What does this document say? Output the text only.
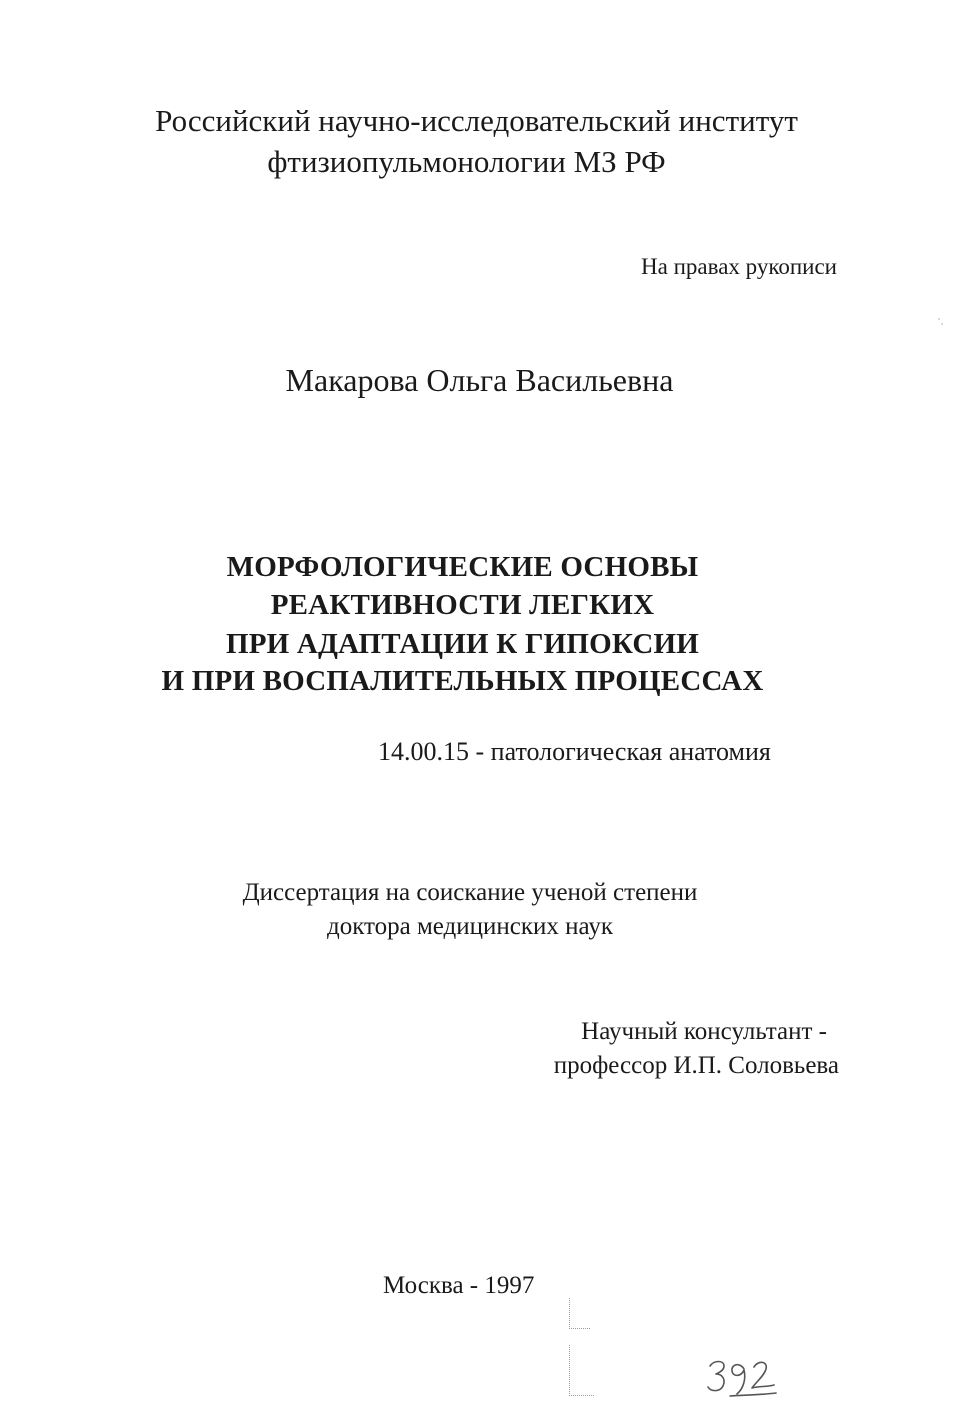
Российский научно-исследовательский институт

фтизиопульмонологии МЗ РФ

На правах рукописи

Макарова Ольга Васильевна

МОРФОЛОГИЧЕСКИЕ ОСНОВЫ

РЕАКТИВНОСТИ ЛЕГКИХ

ПРИ АДАПТАЦИИ К ГИПОКСИИ

И ПРИ ВОСПАЛИТЕЛЬНЫХ ПРОЦЕССАХ

14.00.15 - патологическая анатомия

Диссертация на соискание ученой степени

доктора медицинских наук

Научный консультант -

профессор И.П. Соловьева

Москва - 1997
